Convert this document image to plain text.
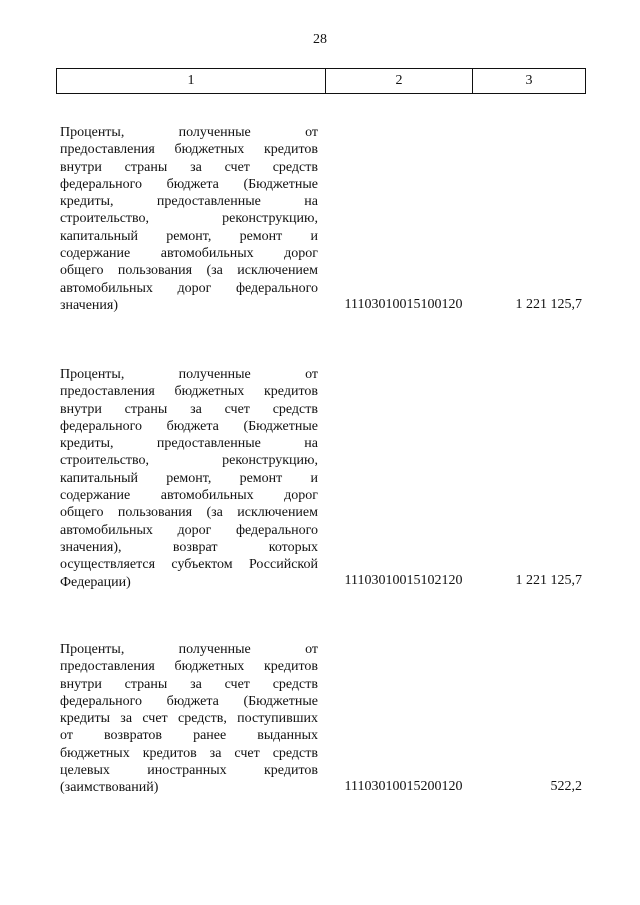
28
1	2	3
Проценты, полученные от
предоставления бюджетных кредитов
внутри страны за счет средств
федерального бюджета (Бюджетные
кредиты, предоставленные на
строительство, реконструкцию,
капитальный ремонт, ремонт и
содержание автомобильных дорог
общего пользования (за исключением
автомобильных дорог федерального
значения)	11103010015100120	1 221 125,7
Проценты, полученные от
предоставления бюджетных кредитов
внутри страны за счет средств
федерального бюджета (Бюджетные
кредиты, предоставленные на
строительство, реконструкцию,
капитальный ремонт, ремонт и
содержание автомобильных дорог
общего пользования (за исключением
автомобильных дорог федерального
значения), возврат которых
осуществляется субъектом Российской
Федерации)	11103010015102120	1 221 125,7
Проценты, полученные от
предоставления бюджетных кредитов
внутри страны за счет средств
федерального бюджета (Бюджетные
кредиты за счет средств, поступивших
от возвратов ранее выданных
бюджетных кредитов за счет средств
целевых иностранных кредитов
(заимствований)	11103010015200120	522,2
